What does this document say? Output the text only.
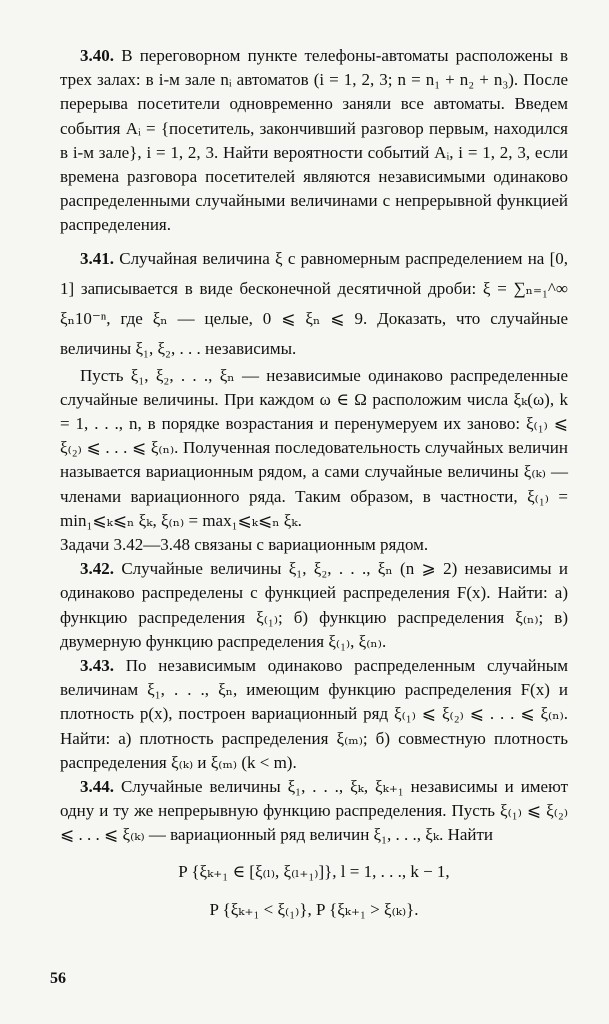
3.40. В переговорном пункте телефоны-автоматы расположены в трех залах: в i-м зале nᵢ автоматов (i = 1, 2, 3; n = n₁ + n₂ + n₃). После перерыва посетители одновременно заняли все автоматы. Введем события Aᵢ = {посетитель, закончивший разговор первым, находился в i-м зале}, i = 1, 2, 3. Найти вероятности событий Aᵢ, i = 1, 2, 3, если времена разговора посетителей являются независимыми одинаково распределенными случайными величинами с непрерывной функцией распределения.

3.41. Случайная величина ξ с равномерным распределением на [0, 1] записывается в виде бесконечной десятичной дроби: ξ = ∑ₙ₌₁^∞ ξₙ10⁻ⁿ, где ξₙ — целые, 0 ⩽ ξₙ ⩽ 9. Доказать, что случайные величины ξ₁, ξ₂, . . . независимы.

Пусть ξ₁, ξ₂, . . ., ξₙ — независимые одинаково распределенные случайные величины. При каждом ω ∈ Ω расположим числа ξₖ(ω), k = 1, . . ., n, в порядке возрастания и перенумеруем их заново: ξ₍₁₎ ⩽ ξ₍₂₎ ⩽ . . . ⩽ ξ₍ₙ₎. Полученная последовательность случайных величин называется вариационным рядом, а сами случайные величины ξ₍ₖ₎ — членами вариационного ряда. Таким образом, в частности, ξ₍₁₎ = min₁⩽ₖ⩽ₙ ξₖ, ξ₍ₙ₎ = max₁⩽ₖ⩽ₙ ξₖ.

Задачи 3.42—3.48 связаны с вариационным рядом.

3.42. Случайные величины ξ₁, ξ₂, . . ., ξₙ (n ⩾ 2) независимы и одинаково распределены с функцией распределения F(x). Найти: а) функцию распределения ξ₍₁₎; б) функцию распределения ξ₍ₙ₎; в) двумерную функцию распределения ξ₍₁₎, ξ₍ₙ₎.

3.43. По независимым одинаково распределенным случайным величинам ξ₁, . . ., ξₙ, имеющим функцию распределения F(x) и плотность p(x), построен вариационный ряд ξ₍₁₎ ⩽ ξ₍₂₎ ⩽ . . . ⩽ ξ₍ₙ₎. Найти: а) плотность распределения ξ₍ₘ₎; б) совместную плотность распределения ξ₍ₖ₎ и ξ₍ₘ₎ (k < m).

3.44. Случайные величины ξ₁, . . ., ξₖ, ξₖ₊₁ независимы и имеют одну и ту же непрерывную функцию распределения. Пусть ξ₍₁₎ ⩽ ξ₍₂₎ ⩽ . . . ⩽ ξ₍ₖ₎ — вариационный ряд величин ξ₁, . . ., ξₖ. Найти

P {ξₖ₊₁ ∈ [ξ₍ₗ₎, ξ₍ₗ₊₁₎]}, l = 1, . . ., k − 1,
P {ξₖ₊₁ < ξ₍₁₎}, P {ξₖ₊₁ > ξ₍ₖ₎}.
56
